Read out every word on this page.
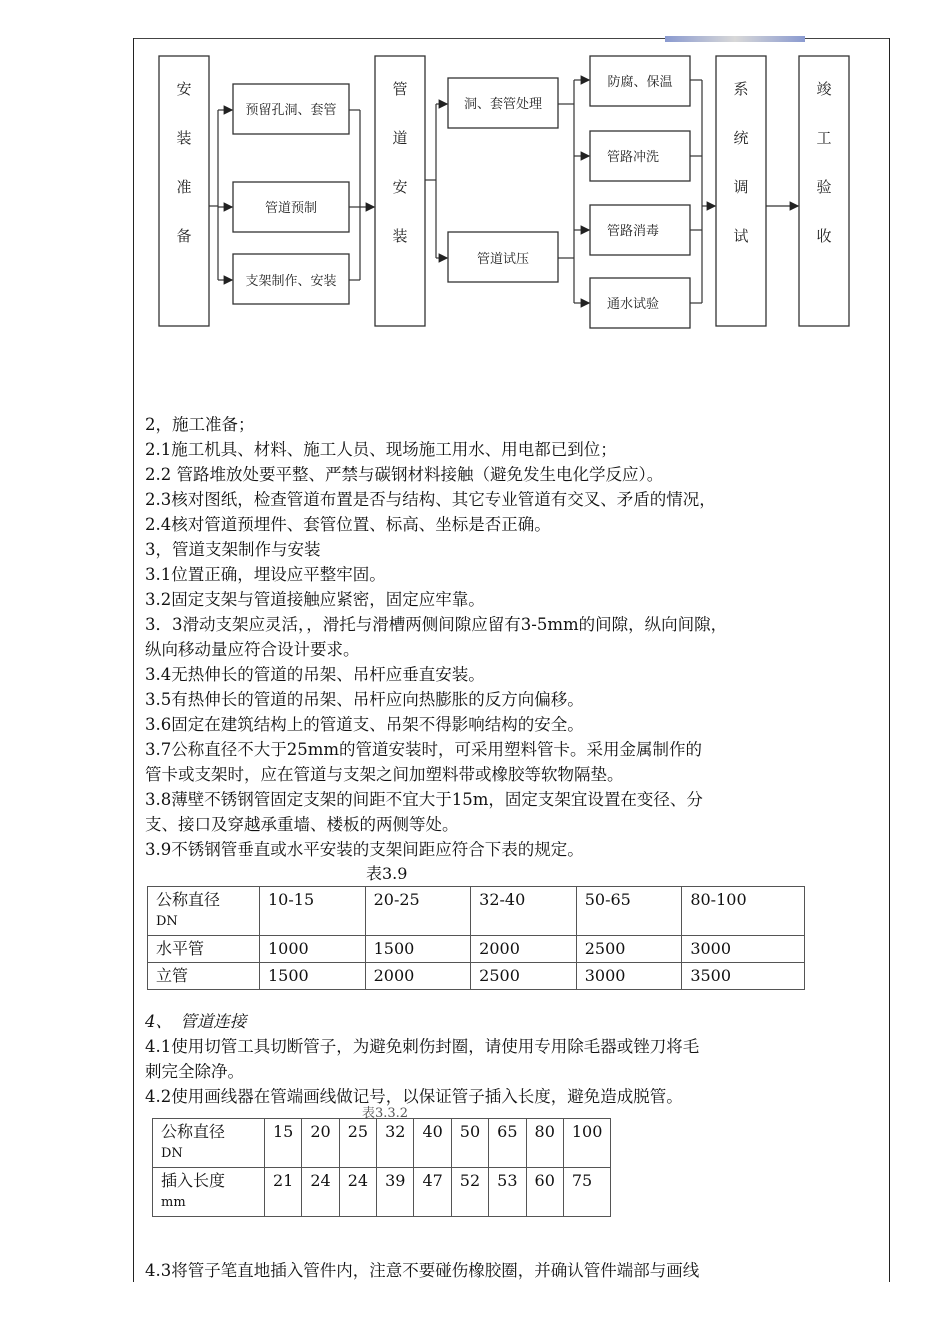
安
装
准
备
预留孔洞、套管
管道预制
支架制作、安装
管
道
安
装
洞、套管处理
管道试压
防腐、保温
管路冲洗
管路消毒
通水试验
系
统
调
试
竣
工
验
收
2，施工准备；
2.1施工机具、材料、施工人员、现场施工用水、用电都已到位；
2.2 管路堆放处要平整、严禁与碳钢材料接触（避免发生电化学反应）。
2.3核对图纸，检查管道布置是否与结构、其它专业管道有交叉、矛盾的情况，
2.4核对管道预埋件、套管位置、标高、坐标是否正确。
3，管道支架制作与安装
3.1位置正确，埋设应平整牢固。
3.2固定支架与管道接触应紧密，固定应牢靠。
3．3滑动支架应灵活，，滑托与滑槽两侧间隙应留有3-5mm的间隙，纵向间隙，
纵向移动量应符合设计要求。
3.4无热伸长的管道的吊架、吊杆应垂直安装。
3.5有热伸长的管道的吊架、吊杆应向热膨胀的反方向偏移。
3.6固定在建筑结构上的管道支、吊架不得影响结构的安全。
3.7公称直径不大于25mm的管道安装时，可采用塑料管卡。采用金属制作的
管卡或支架时，应在管道与支架之间加塑料带或橡胶等软物隔垫。
3.8薄壁不锈钢管固定支架的间距不宜大于15m，固定支架宜设置在变径、分
支、接口及穿越承重墙、楼板的两侧等处。
3.9不锈钢管垂直或水平安装的支架间距应符合下表的规定。
表3.9
公称直径
DN	10-15	20-25	32-40	50-65	80-100
水平管	1000	1500	2000	2500	3000
立管	1500	2000	2500	3000	3500
4、　管道连接
4.1使用切管工具切断管子，为避免刺伤封圈，请使用专用除毛器或锉刀将毛
刺完全除净。
4.2使用画线器在管端画线做记号，以保证管子插入长度，避免造成脱管。
表3.3.2
公称直径
DN	15	20	25	32	40	50	65	80	100

插入长度
mm	21	24	24	39	47	52	53	60	75
4.3将管子笔直地插入管件内，注意不要碰伤橡胶圈，并确认管件端部与画线
